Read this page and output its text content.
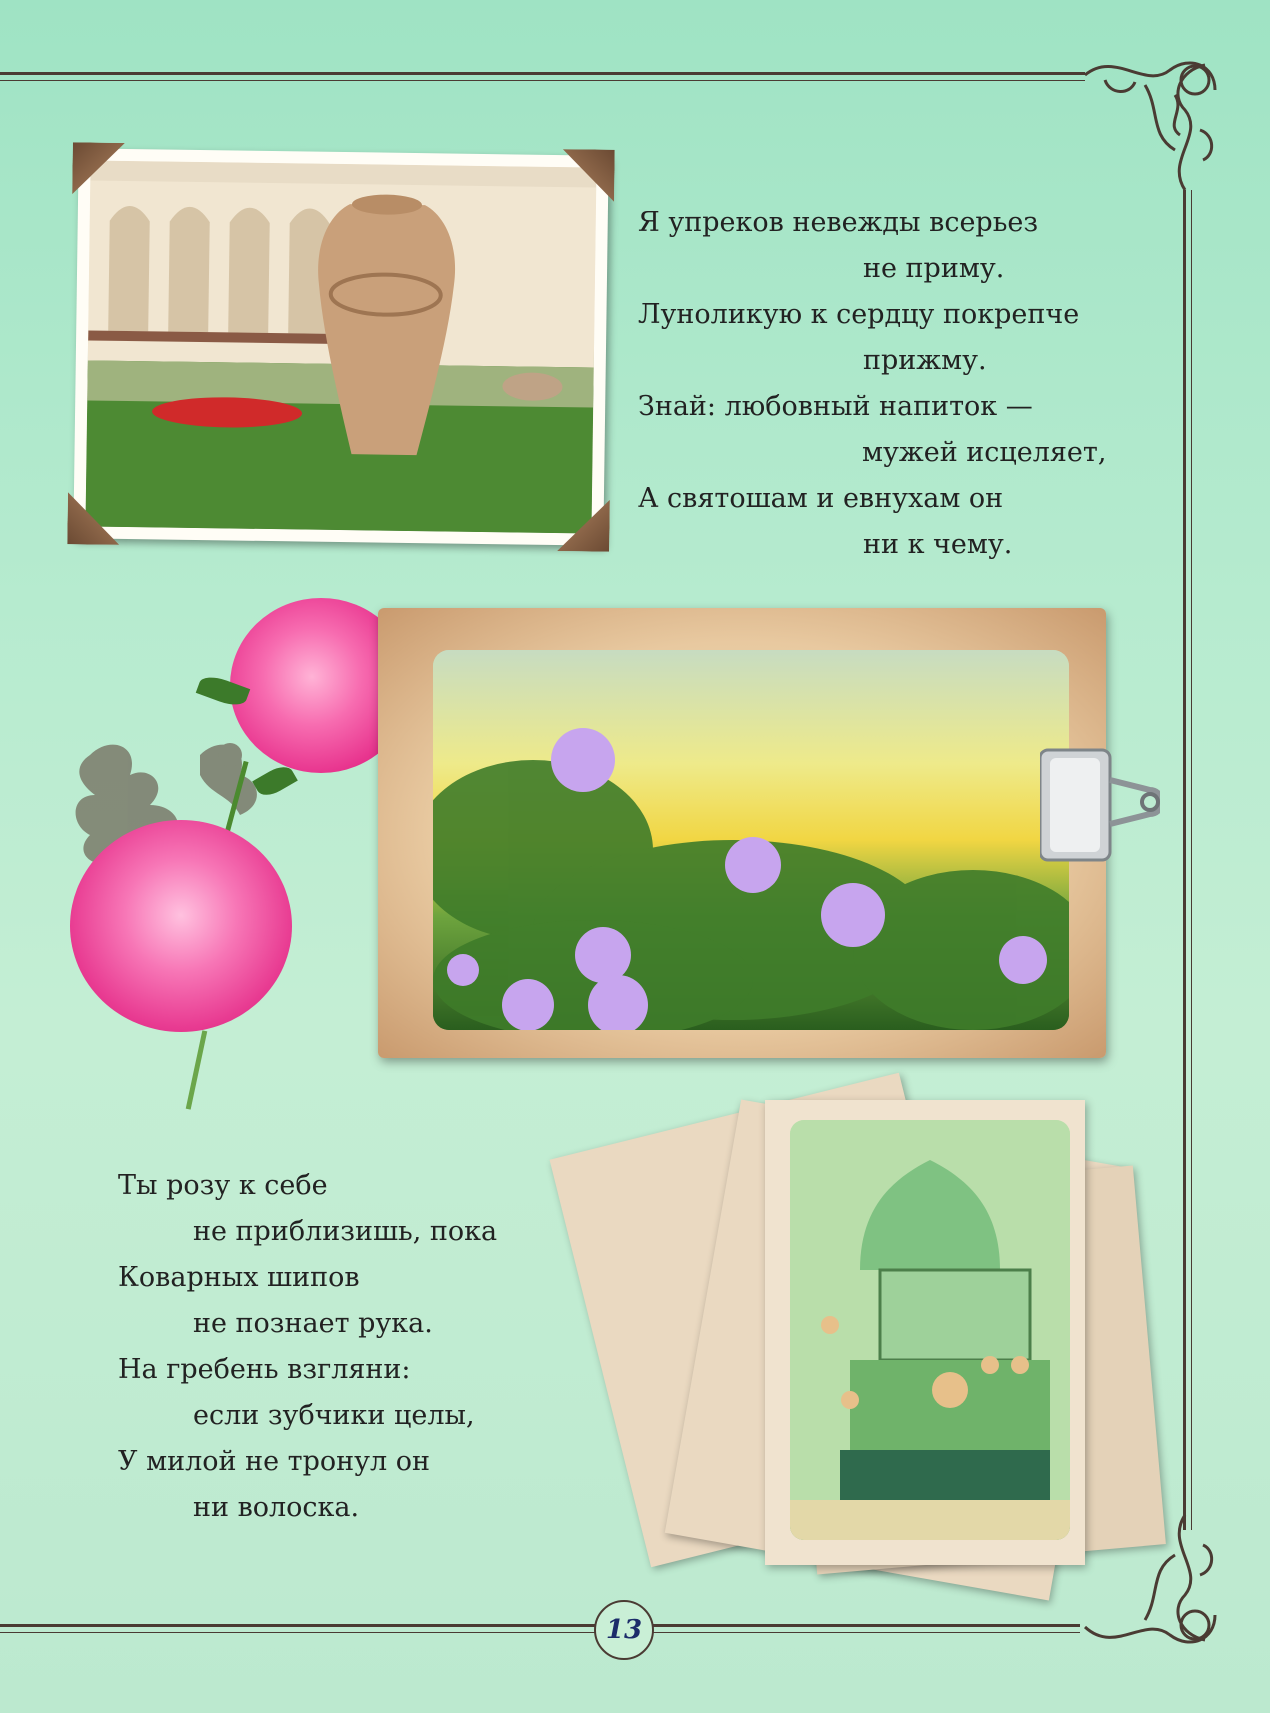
Я упреков невежды всерьез
не приму.
Луноликую к сердцу покрепче
прижму.
Знай: любовный напиток —
мужей исцеляет,
А святошам и евнухам он
ни к чему.
Ты розу к себе
не приблизишь, пока
Коварных шипов
не познает рука.
На гребень взгляни:
если зубчики целы,
У милой не тронул он
ни волоска.
13
